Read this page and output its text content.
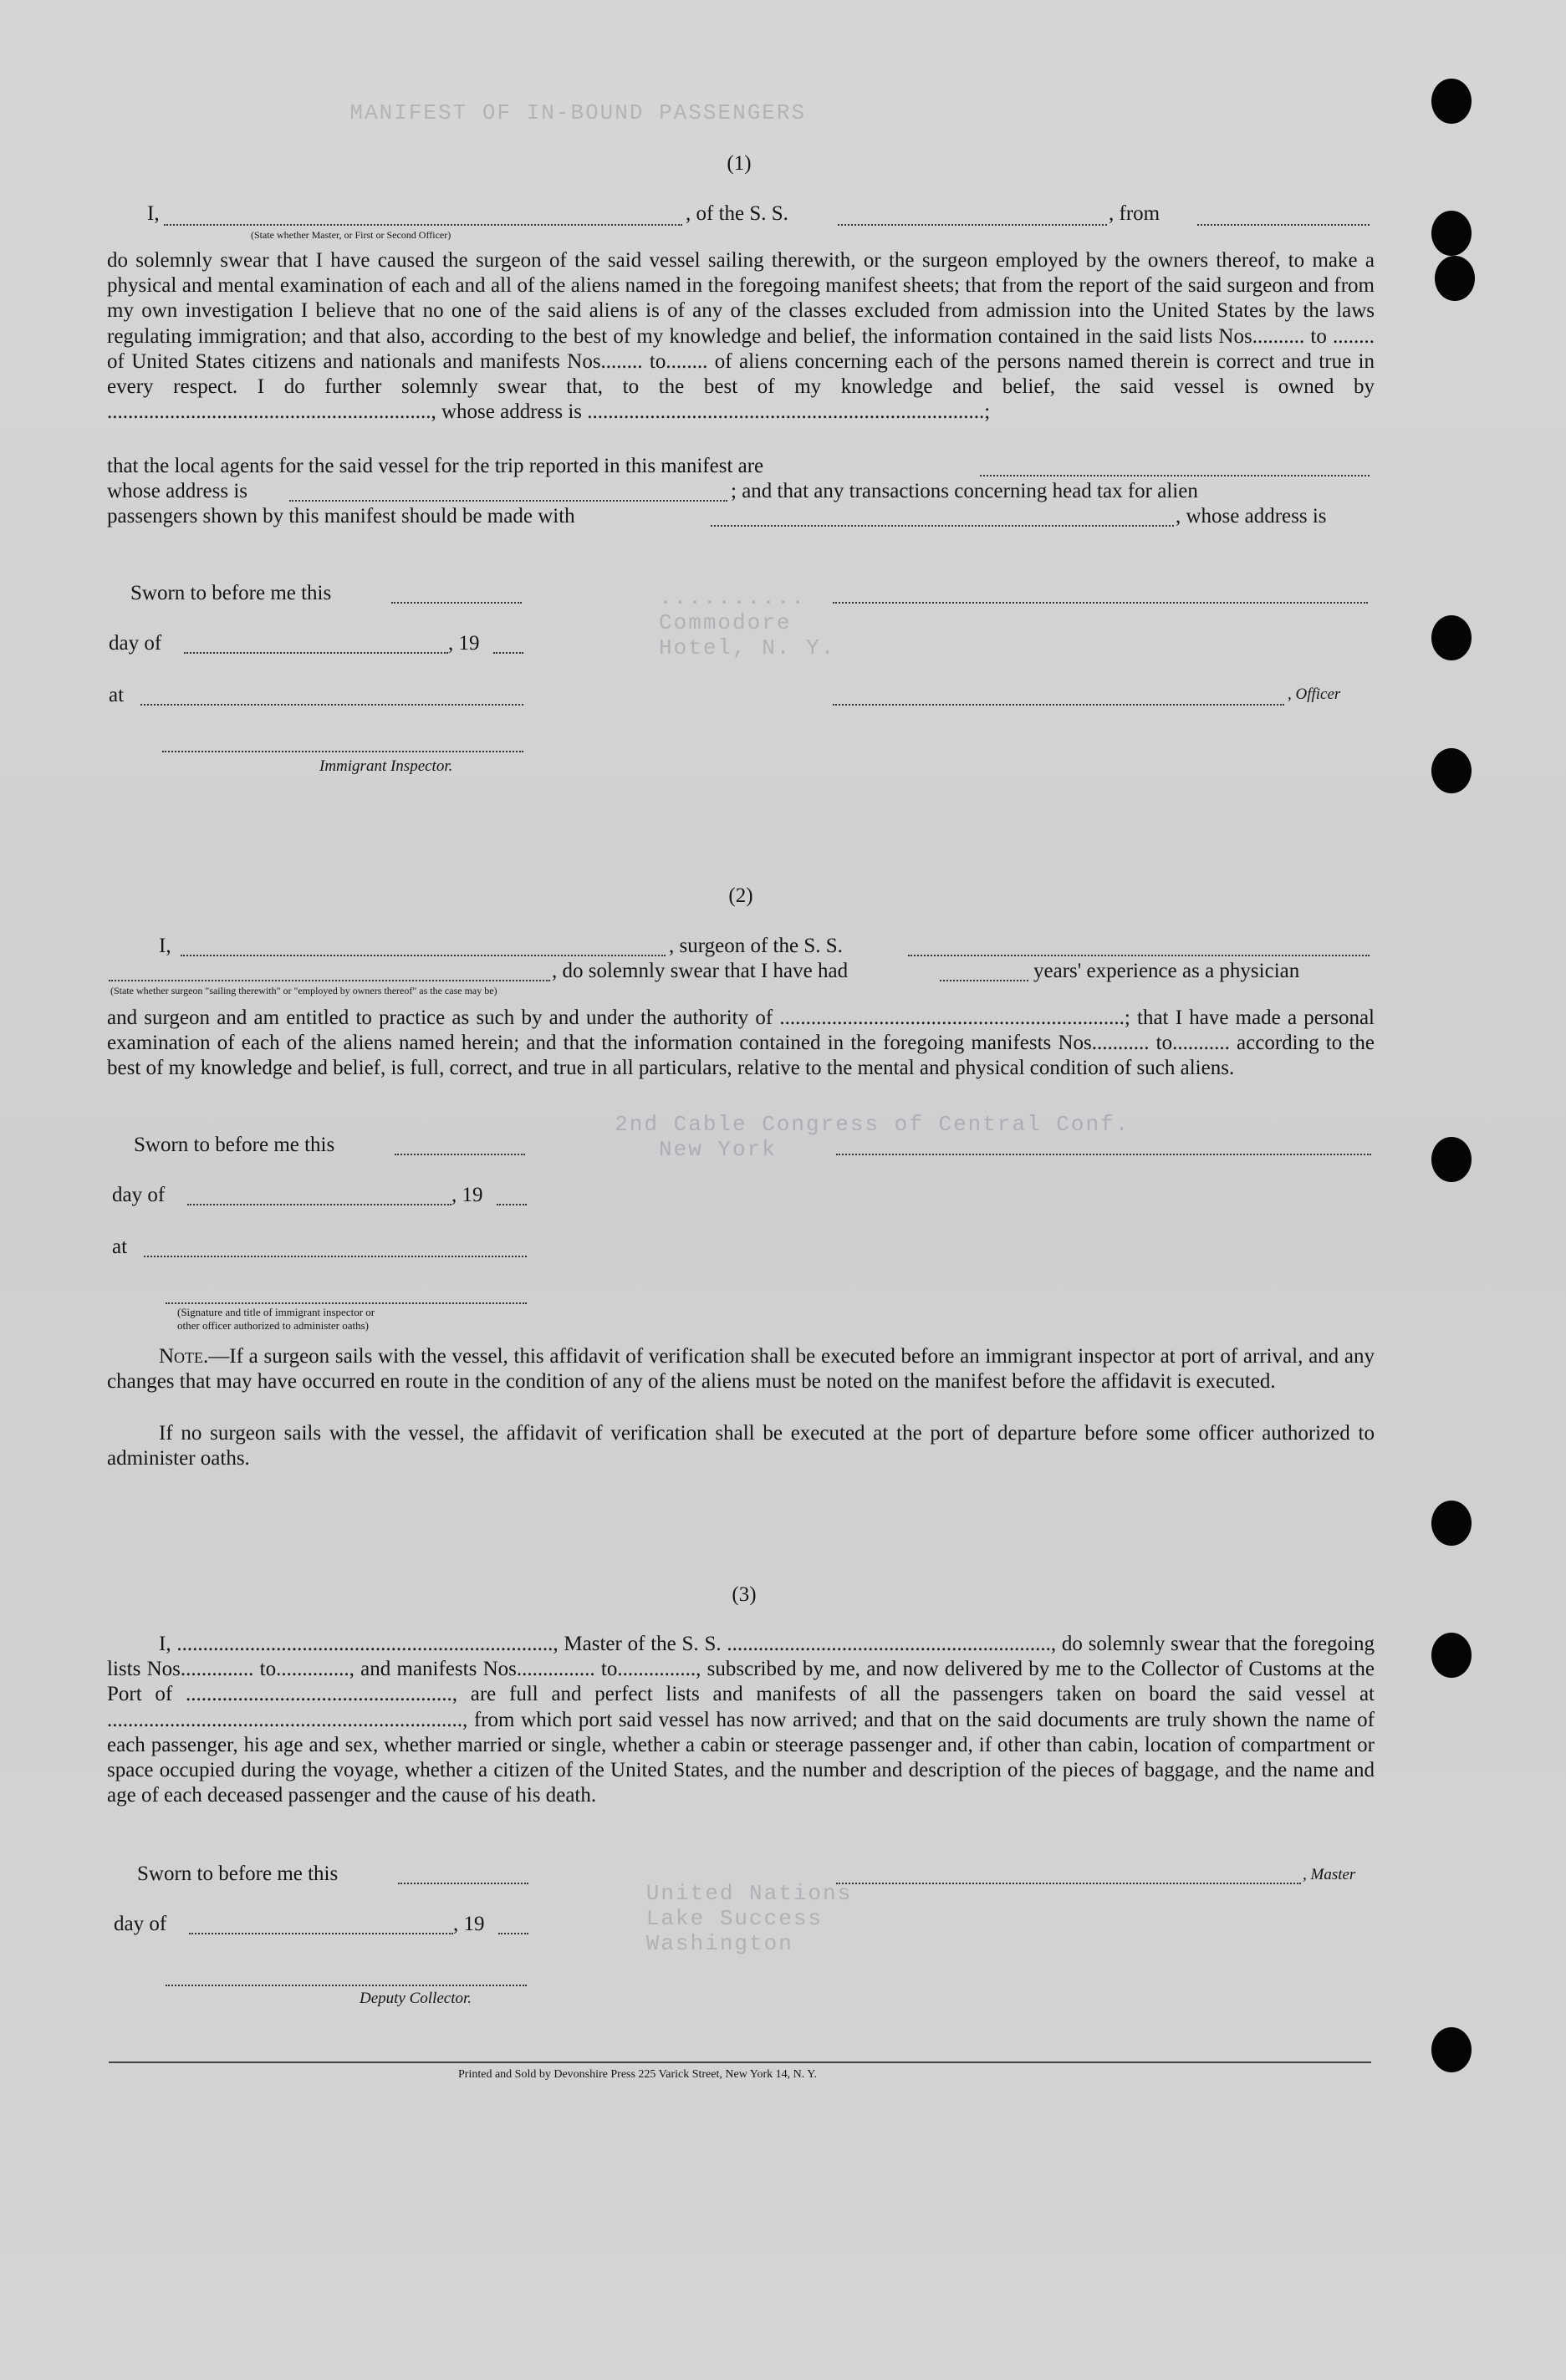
MANIFEST OF IN-BOUND PASSENGERS
..........
Commodore
Hotel, N. Y.
2nd Cable Congress of Central Conf.
New York
United Nations
Lake Success
Washington
(1)
I,	, of the S. S.	, from
(State whether Master, or First or Second Officer)
do solemnly swear that I have caused the surgeon of the said vessel sailing therewith, or the surgeon employed by the owners thereof, to make a physical and mental examination of each and all of the aliens named in the foregoing manifest sheets; that from the report of the said surgeon and from my own investigation I believe that no one of the said aliens is of any of the classes excluded from admission into the United States by the laws regulating immigration; and that also, according to the best of my knowledge and belief, the information contained in the said lists Nos.......... to ........ of United States citizens and nationals and manifests Nos........ to........ of aliens concerning each of the persons named therein is correct and true in every respect. I do further solemnly swear that, to the best of my knowledge and belief, the said vessel is owned by .............................................................., whose address is ............................................................................;
that the local agents for the said vessel for the trip reported in this manifest are
whose address is	; and that any transactions concerning head tax for alien
passengers shown by this manifest should be made with	, whose address is
Sworn to before me this
day of	, 19
at	, Officer
Immigrant Inspector.
(2)
I,	, surgeon of the S. S.
, do solemnly swear that I have had	years' experience as a physician
(State whether surgeon "sailing therewith" or "employed by owners thereof" as the case may be)
and surgeon and am entitled to practice as such by and under the authority of ..................................................................; that I have made a personal examination of each of the aliens named herein; and that the information contained in the foregoing manifests Nos........... to........... according to the best of my knowledge and belief, is full, correct, and true in all particulars, relative to the mental and physical condition of such aliens.
Sworn to before me this
day of	, 19
at
(Signature and title of immigrant inspector or
other officer authorized to administer oaths)
Note.—If a surgeon sails with the vessel, this affidavit of verification shall be executed before an immigrant inspector at port of arrival, and any changes that may have occurred en route in the condition of any of the aliens must be noted on the manifest before the affidavit is executed.
If no surgeon sails with the vessel, the affidavit of verification shall be executed at the port of departure before some officer authorized to administer oaths.
(3)
I, ........................................................................, Master of the S. S. .............................................................., do solemnly swear that the foregoing lists Nos.............. to.............., and manifests Nos............... to..............., subscribed by me, and now delivered by me to the Collector of Customs at the Port of ..................................................., are full and perfect lists and manifests of all the passengers taken on board the said vessel at ...................................................................., from which port said vessel has now arrived; and that on the said documents are truly shown the name of each passenger, his age and sex, whether married or single, whether a cabin or steerage passenger and, if other than cabin, location of compartment or space occupied during the voyage, whether a citizen of the United States, and the number and description of the pieces of baggage, and the name and age of each deceased passenger and the cause of his death.
Sworn to before me this	, Master
day of	, 19
Deputy Collector.
Printed and Sold by Devonshire Press 225 Varick Street, New York 14, N. Y.
